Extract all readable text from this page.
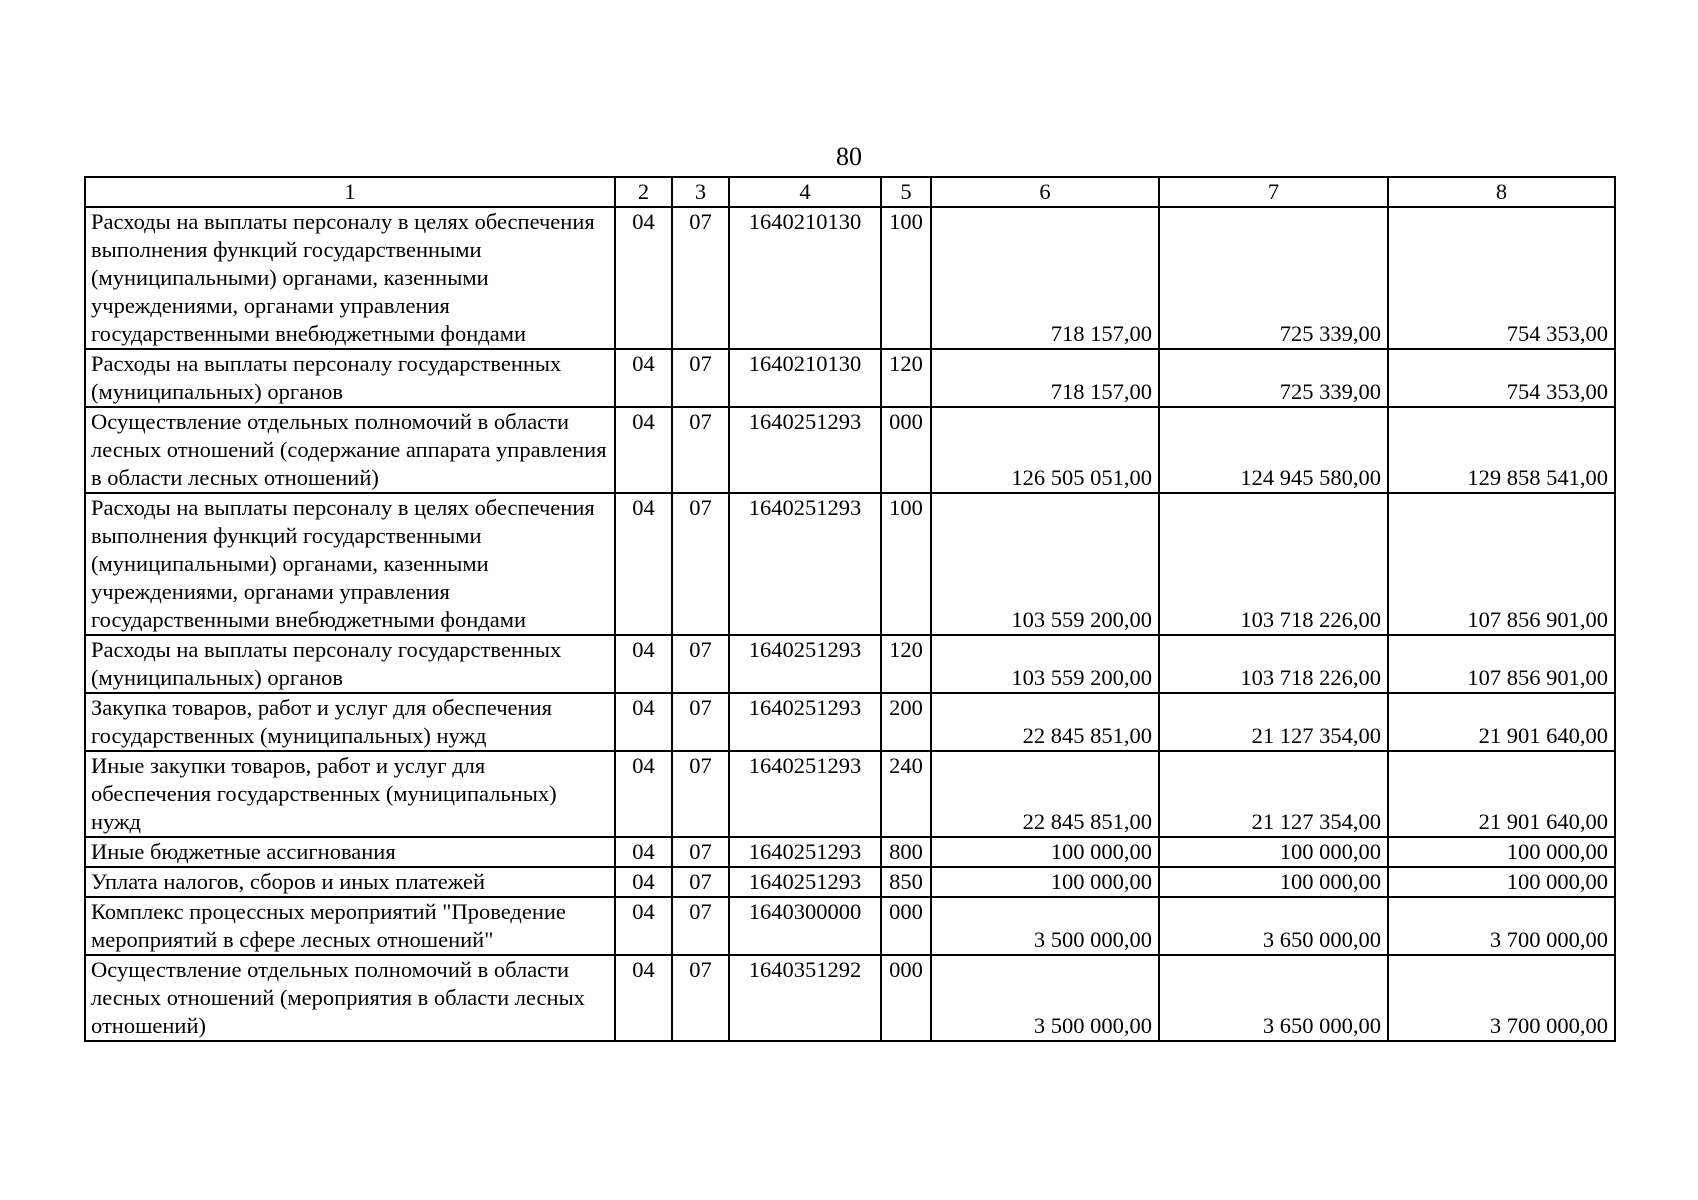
80
1	2	3	4	5	6	7	8
Расходы на выплаты персоналу в целях обеспечения выполнения функций государственными (муниципальными) органами, казенными учреждениями, органами управления государственными внебюджетными фондами	04	07	1640210130	100	718 157,00	725 339,00	754 353,00
Расходы на выплаты персоналу государственных (муниципальных) органов	04	07	1640210130	120	718 157,00	725 339,00	754 353,00
Осуществление отдельных полномочий в области лесных отношений (содержание аппарата управления в области лесных отношений)	04	07	1640251293	000	126 505 051,00	124 945 580,00	129 858 541,00
Расходы на выплаты персоналу в целях обеспечения выполнения функций государственными (муниципальными) органами, казенными учреждениями, органами управления государственными внебюджетными фондами	04	07	1640251293	100	103 559 200,00	103 718 226,00	107 856 901,00
Расходы на выплаты персоналу государственных (муниципальных) органов	04	07	1640251293	120	103 559 200,00	103 718 226,00	107 856 901,00
Закупка товаров, работ и услуг для обеспечения государственных (муниципальных) нужд	04	07	1640251293	200	22 845 851,00	21 127 354,00	21 901 640,00
Иные закупки товаров, работ и услуг для обеспечения государственных (муниципальных) нужд	04	07	1640251293	240	22 845 851,00	21 127 354,00	21 901 640,00
Иные бюджетные ассигнования	04	07	1640251293	800	100 000,00	100 000,00	100 000,00
Уплата налогов, сборов и иных платежей	04	07	1640251293	850	100 000,00	100 000,00	100 000,00
Комплекс процессных мероприятий "Проведение мероприятий в сфере лесных отношений"	04	07	1640300000	000	3 500 000,00	3 650 000,00	3 700 000,00
Осуществление отдельных полномочий в области лесных отношений (мероприятия в области лесных отношений)	04	07	1640351292	000	3 500 000,00	3 650 000,00	3 700 000,00
